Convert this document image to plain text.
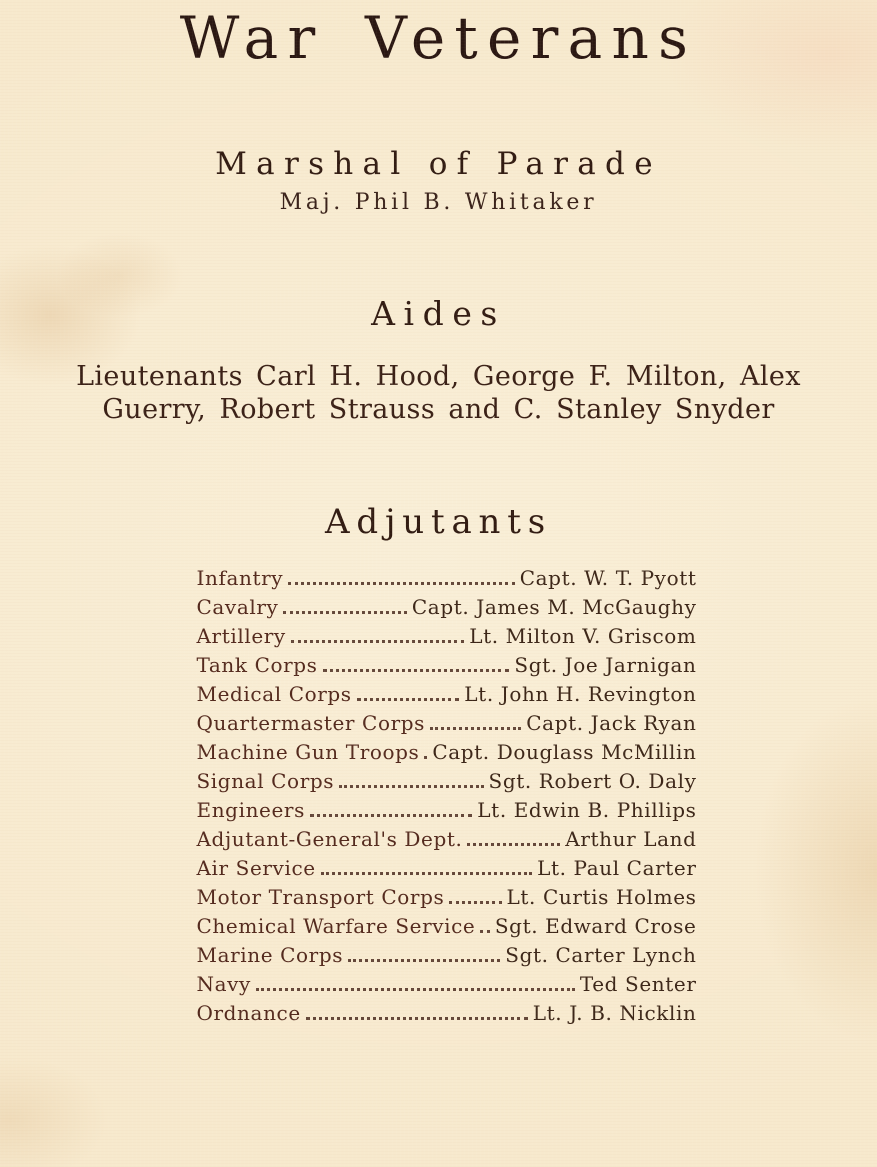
War Veterans
Marshal of Parade
Maj. Phil B. Whitaker
Aides

Lieutenants Carl H. Hood, George F. Milton, Alex
Guerry, Robert Strauss and C. Stanley Snyder

Adjutants
Infantry	Capt. W. T. Pyott
Cavalry	Capt. James M. McGaughy
Artillery	Lt. Milton V. Griscom
Tank Corps	Sgt. Joe Jarnigan
Medical Corps	Lt. John H. Revington
Quartermaster Corps	Capt. Jack Ryan
Machine Gun Troops Capt. Douglass McMillin
Signal Corps	Sgt. Robert O. Daly
Engineers	Lt. Edwin B. Phillips
Adjutant-General's Dept.	Arthur Land
Air Service	Lt. Paul Carter
Motor Transport Corps	Lt. Curtis Holmes
Chemical Warfare Service Sgt. Edward Crose
Marine Corps	Sgt. Carter Lynch
Navy	Ted Senter
Ordnance	Lt. J. B. Nicklin
